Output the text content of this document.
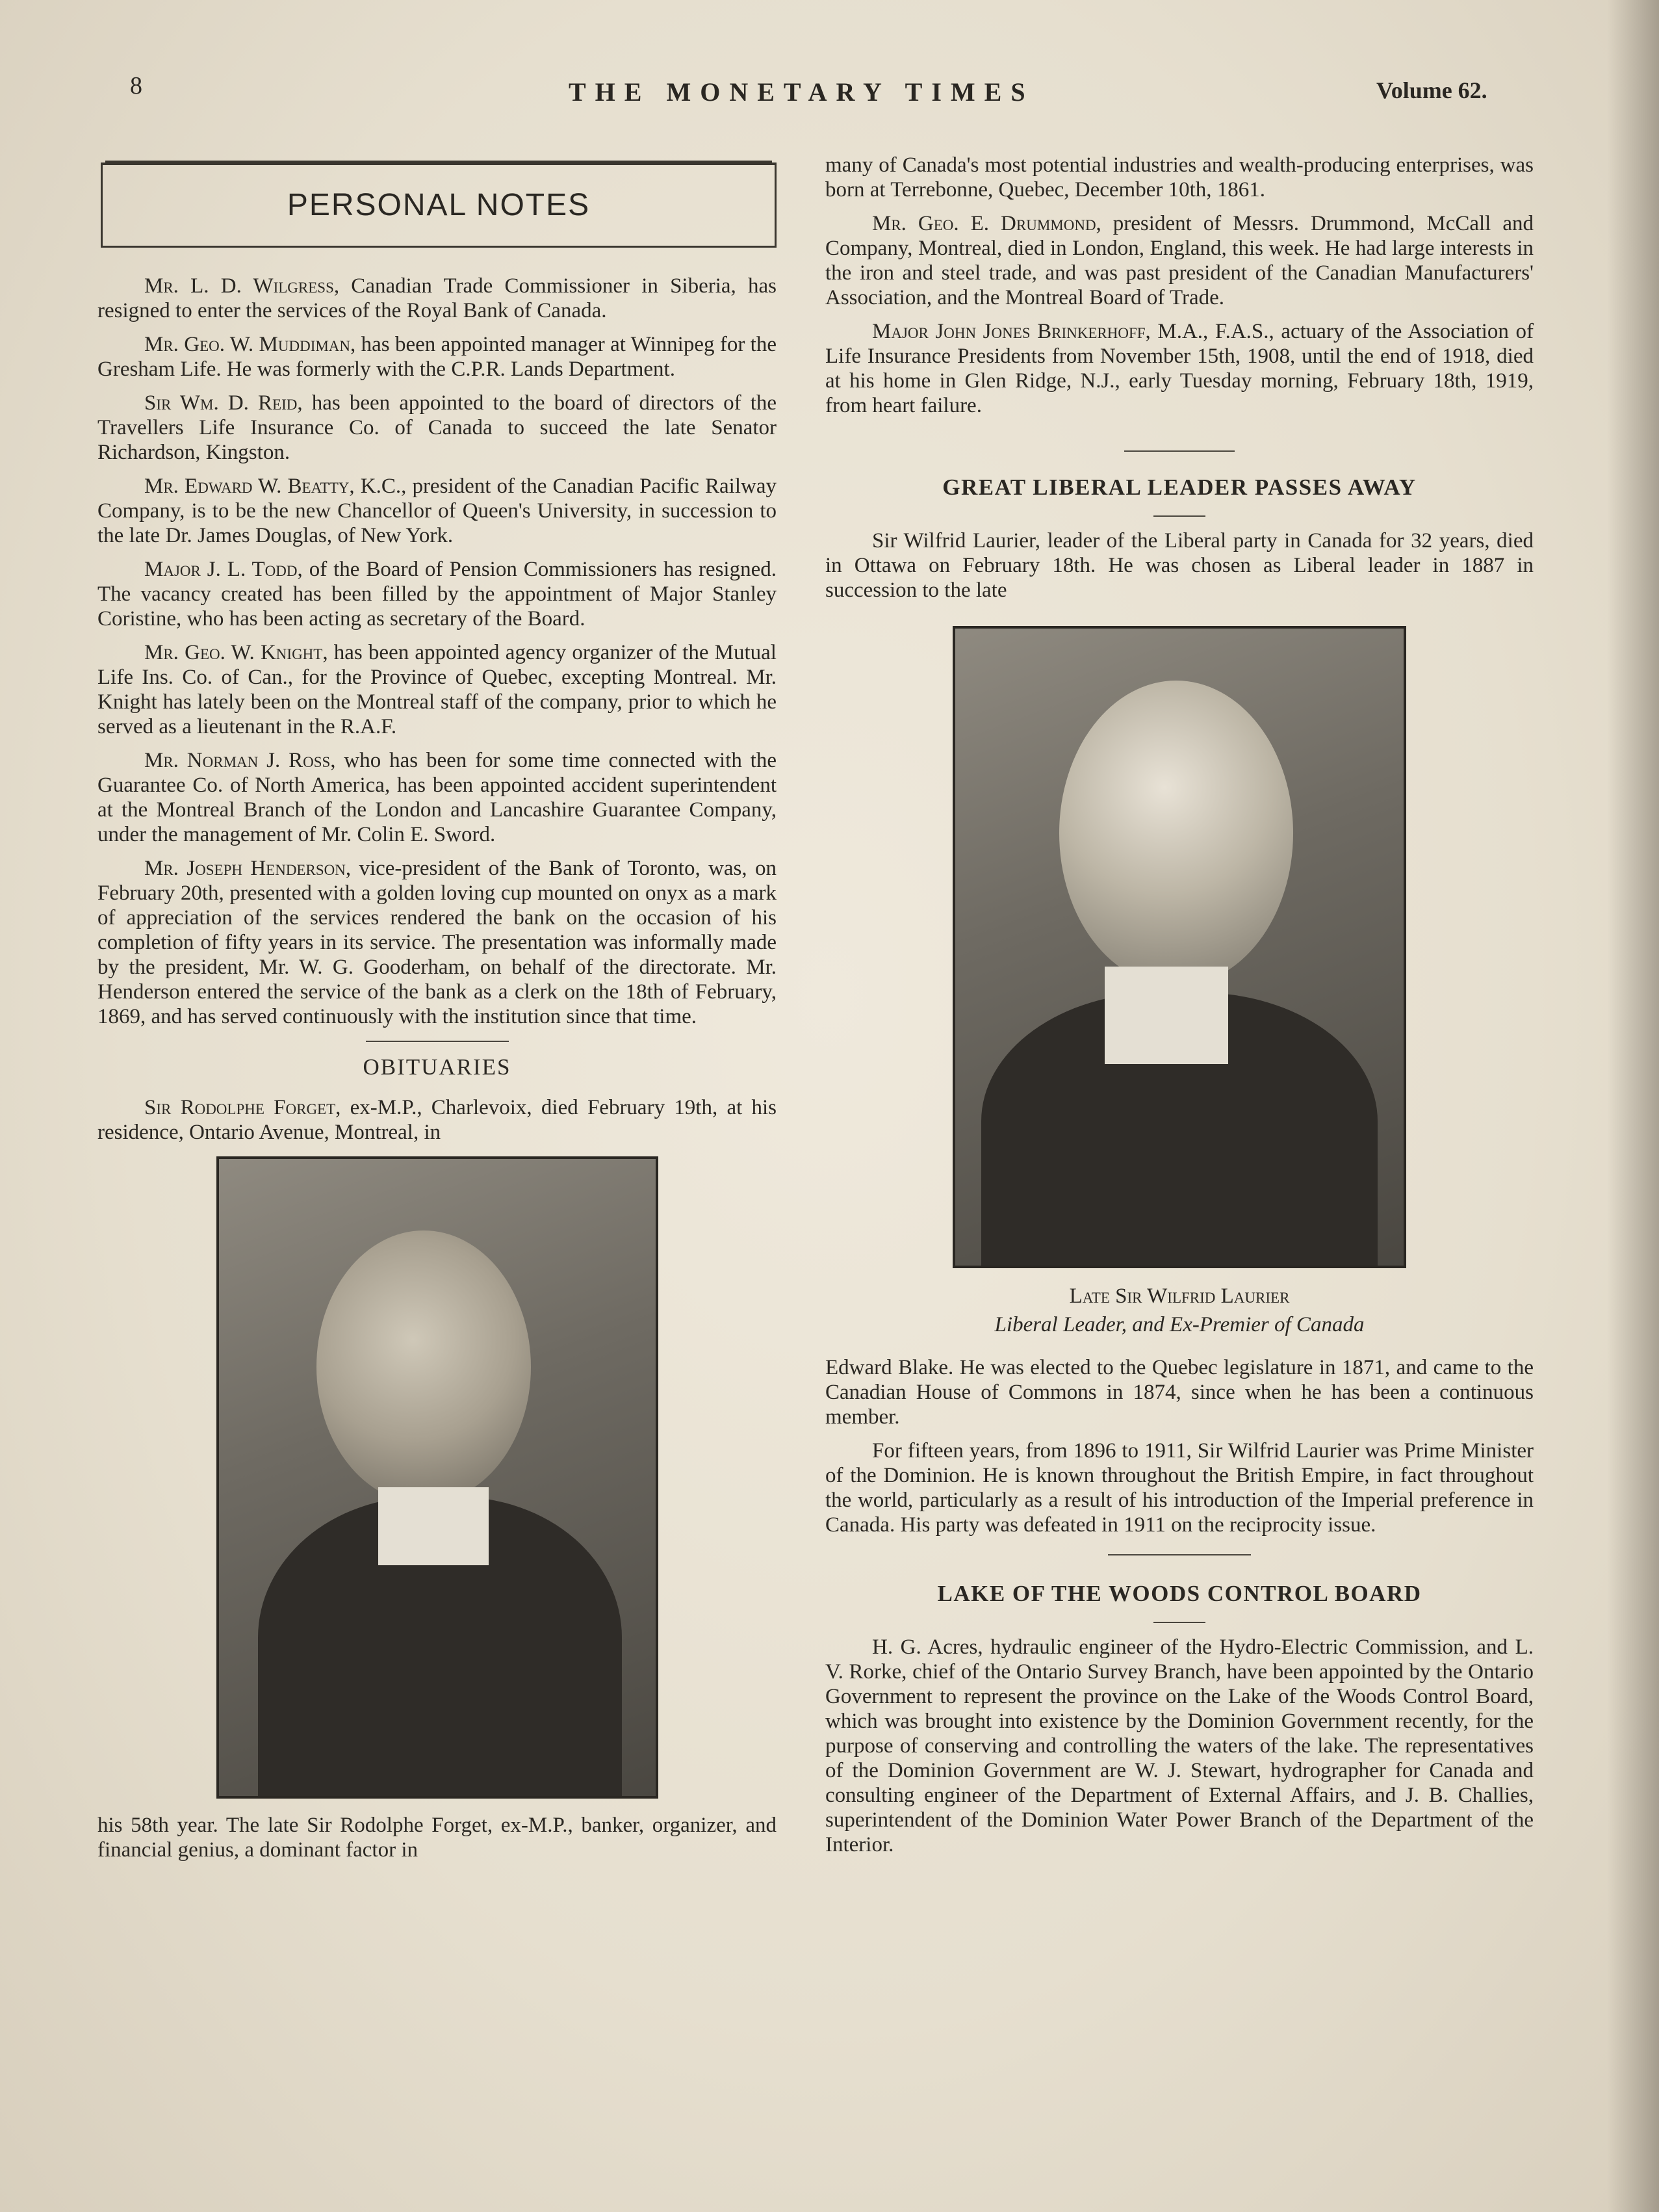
8	THE MONETARY TIMES	Volume 62.
PERSONAL NOTES

Mr. L. D. Wilgress, Canadian Trade Commissioner in Siberia, has resigned to enter the services of the Royal Bank of Canada.

Mr. Geo. W. Muddiman, has been appointed manager at Winnipeg for the Gresham Life. He was formerly with the C.P.R. Lands Department.

Sir Wm. D. Reid, has been appointed to the board of directors of the Travellers Life Insurance Co. of Canada to succeed the late Senator Richardson, Kingston.

Mr. Edward W. Beatty, K.C., president of the Canadian Pacific Railway Company, is to be the new Chancellor of Queen's University, in succession to the late Dr. James Douglas, of New York.

Major J. L. Todd, of the Board of Pension Commissioners has resigned. The vacancy created has been filled by the appointment of Major Stanley Coristine, who has been acting as secretary of the Board.

Mr. Geo. W. Knight, has been appointed agency organizer of the Mutual Life Ins. Co. of Can., for the Province of Quebec, excepting Montreal. Mr. Knight has lately been on the Montreal staff of the company, prior to which he served as a lieutenant in the R.A.F.

Mr. Norman J. Ross, who has been for some time connected with the Guarantee Co. of North America, has been appointed accident superintendent at the Montreal Branch of the London and Lancashire Guarantee Company, under the management of Mr. Colin E. Sword.

Mr. Joseph Henderson, vice-president of the Bank of Toronto, was, on February 20th, presented with a golden loving cup mounted on onyx as a mark of appreciation of the services rendered the bank on the occasion of his completion of fifty years in its service. The presentation was informally made by the president, Mr. W. G. Gooderham, on behalf of the directorate. Mr. Henderson entered the service of the bank as a clerk on the 18th of February, 1869, and has served continuously with the institution since that time.

OBITUARIES

Sir Rodolphe Forget, ex-M.P., Charlevoix, died February 19th, at his residence, Ontario Avenue, Montreal, in

his 58th year. The late Sir Rodolphe Forget, ex-M.P., banker, organizer, and financial genius, a dominant factor in

many of Canada's most potential industries and wealth-producing enterprises, was born at Terrebonne, Quebec, December 10th, 1861.

Mr. Geo. E. Drummond, president of Messrs. Drummond, McCall and Company, Montreal, died in London, England, this week. He had large interests in the iron and steel trade, and was past president of the Canadian Manufacturers' Association, and the Montreal Board of Trade.

Major John Jones Brinkerhoff, M.A., F.A.S., actuary of the Association of Life Insurance Presidents from November 15th, 1908, until the end of 1918, died at his home in Glen Ridge, N.J., early Tuesday morning, February 18th, 1919, from heart failure.

GREAT LIBERAL LEADER PASSES AWAY

Sir Wilfrid Laurier, leader of the Liberal party in Canada for 32 years, died in Ottawa on February 18th. He was chosen as Liberal leader in 1887 in succession to the late

Late Sir Wilfrid Laurier
Liberal Leader, and Ex-Premier of Canada

Edward Blake. He was elected to the Quebec legislature in 1871, and came to the Canadian House of Commons in 1874, since when he has been a continuous member.

For fifteen years, from 1896 to 1911, Sir Wilfrid Laurier was Prime Minister of the Dominion. He is known throughout the British Empire, in fact throughout the world, particularly as a result of his introduction of the Imperial preference in Canada. His party was defeated in 1911 on the reciprocity issue.

LAKE OF THE WOODS CONTROL BOARD

H. G. Acres, hydraulic engineer of the Hydro-Electric Commission, and L. V. Rorke, chief of the Ontario Survey Branch, have been appointed by the Ontario Government to represent the province on the Lake of the Woods Control Board, which was brought into existence by the Dominion Government recently, for the purpose of conserving and controlling the waters of the lake. The representatives of the Dominion Government are W. J. Stewart, hydrographer for Canada and consulting engineer of the Department of External Affairs, and J. B. Challies, superintendent of the Dominion Water Power Branch of the Department of the Interior.
